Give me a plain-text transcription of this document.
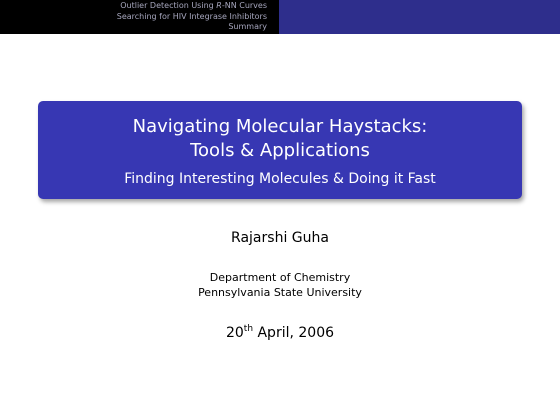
Outlier Detection Using R-NN Curves
Searching for HIV Integrase Inhibitors
Summary
Navigating Molecular Haystacks:
Tools & Applications
Finding Interesting Molecules & Doing it Fast
Rajarshi Guha
Department of Chemistry
Pennsylvania State University
20th April, 2006
